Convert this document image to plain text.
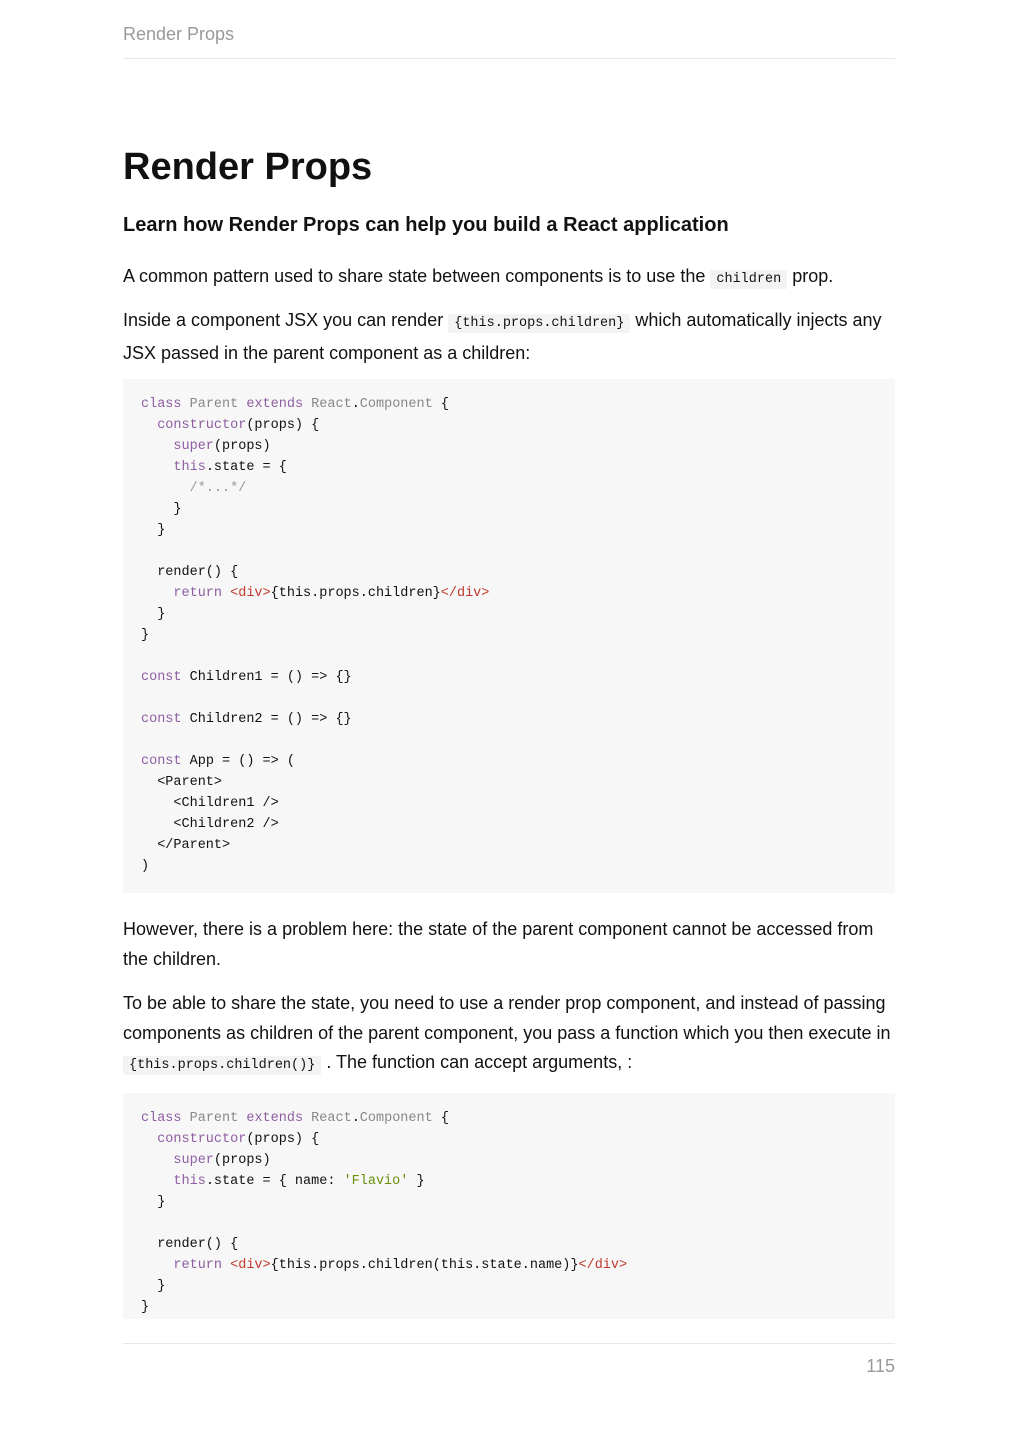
Render Props
Render Props
Learn how Render Props can help you build a React application

A common pattern used to share state between components is to use the children prop.

Inside a component JSX you can render {this.props.children} which automatically injects any JSX passed in the parent component as a children:

class Parent extends React.Component {
constructor(props) {
super(props)
this.state = {
/*...*/
}
}

render() {
return <div>{this.props.children}</div>
}
}

const Children1 = () => {}

const Children2 = () => {}

const App = () => (
<Parent>
<Children1 />
<Children2 />
</Parent>
)

However, there is a problem here: the state of the parent component cannot be accessed from the children.

To be able to share the state, you need to use a render prop component, and instead of passing components as children of the parent component, you pass a function which you then execute in {this.props.children()} . The function can accept arguments, :

class Parent extends React.Component {
constructor(props) {
super(props)
this.state = { name: 'Flavio' }
}

render() {
return <div>{this.props.children(this.state.name)}</div>
}
}
115
